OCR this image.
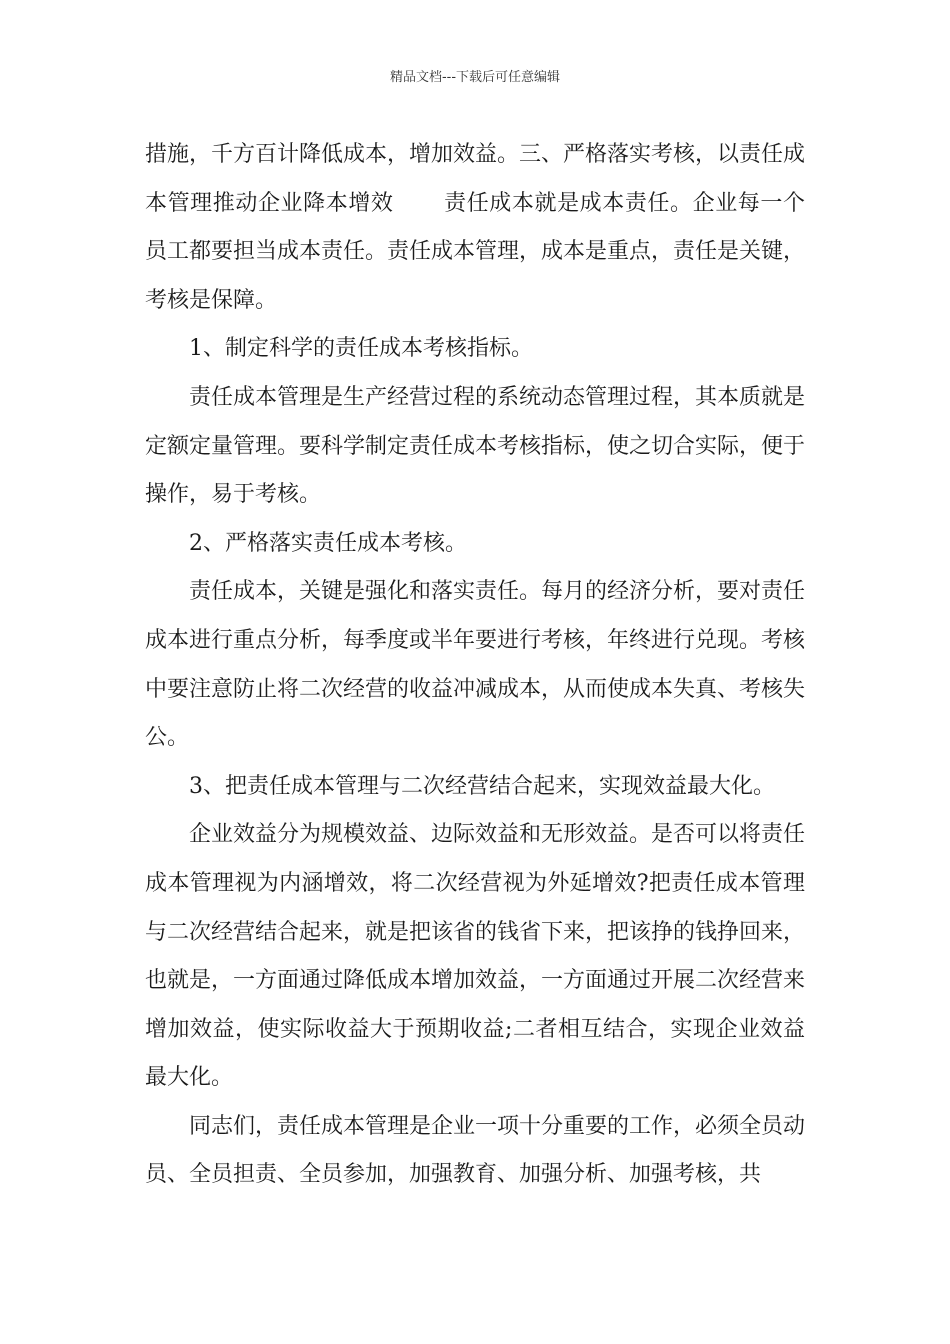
精品文档---下载后可任意编辑

措施，千方百计降低成本，增加效益。三、严格落实考核，以责任成本管理推动企业降本增效 责任成本就是成本责任。企业每一个员工都要担当成本责任。责任成本管理，成本是重点，责任是关键，考核是保障。

1、制定科学的责任成本考核指标。

责任成本管理是生产经营过程的系统动态管理过程，其本质就是定额定量管理。要科学制定责任成本考核指标，使之切合实际，便于操作，易于考核。

2、严格落实责任成本考核。

责任成本，关键是强化和落实责任。每月的经济分析，要对责任成本进行重点分析，每季度或半年要进行考核，年终进行兑现。考核中要注意防止将二次经营的收益冲减成本，从而使成本失真、考核失公。

3、把责任成本管理与二次经营结合起来，实现效益最大化。

企业效益分为规模效益、边际效益和无形效益。是否可以将责任成本管理视为内涵增效，将二次经营视为外延增效?把责任成本管理与二次经营结合起来，就是把该省的钱省下来，把该挣的钱挣回来，也就是，一方面通过降低成本增加效益，一方面通过开展二次经营来增加效益，使实际收益大于预期收益;二者相互结合，实现企业效益最大化。

同志们，责任成本管理是企业一项十分重要的工作，必须全员动员、全员担责、全员参加，加强教育、加强分析、加强考核，共
